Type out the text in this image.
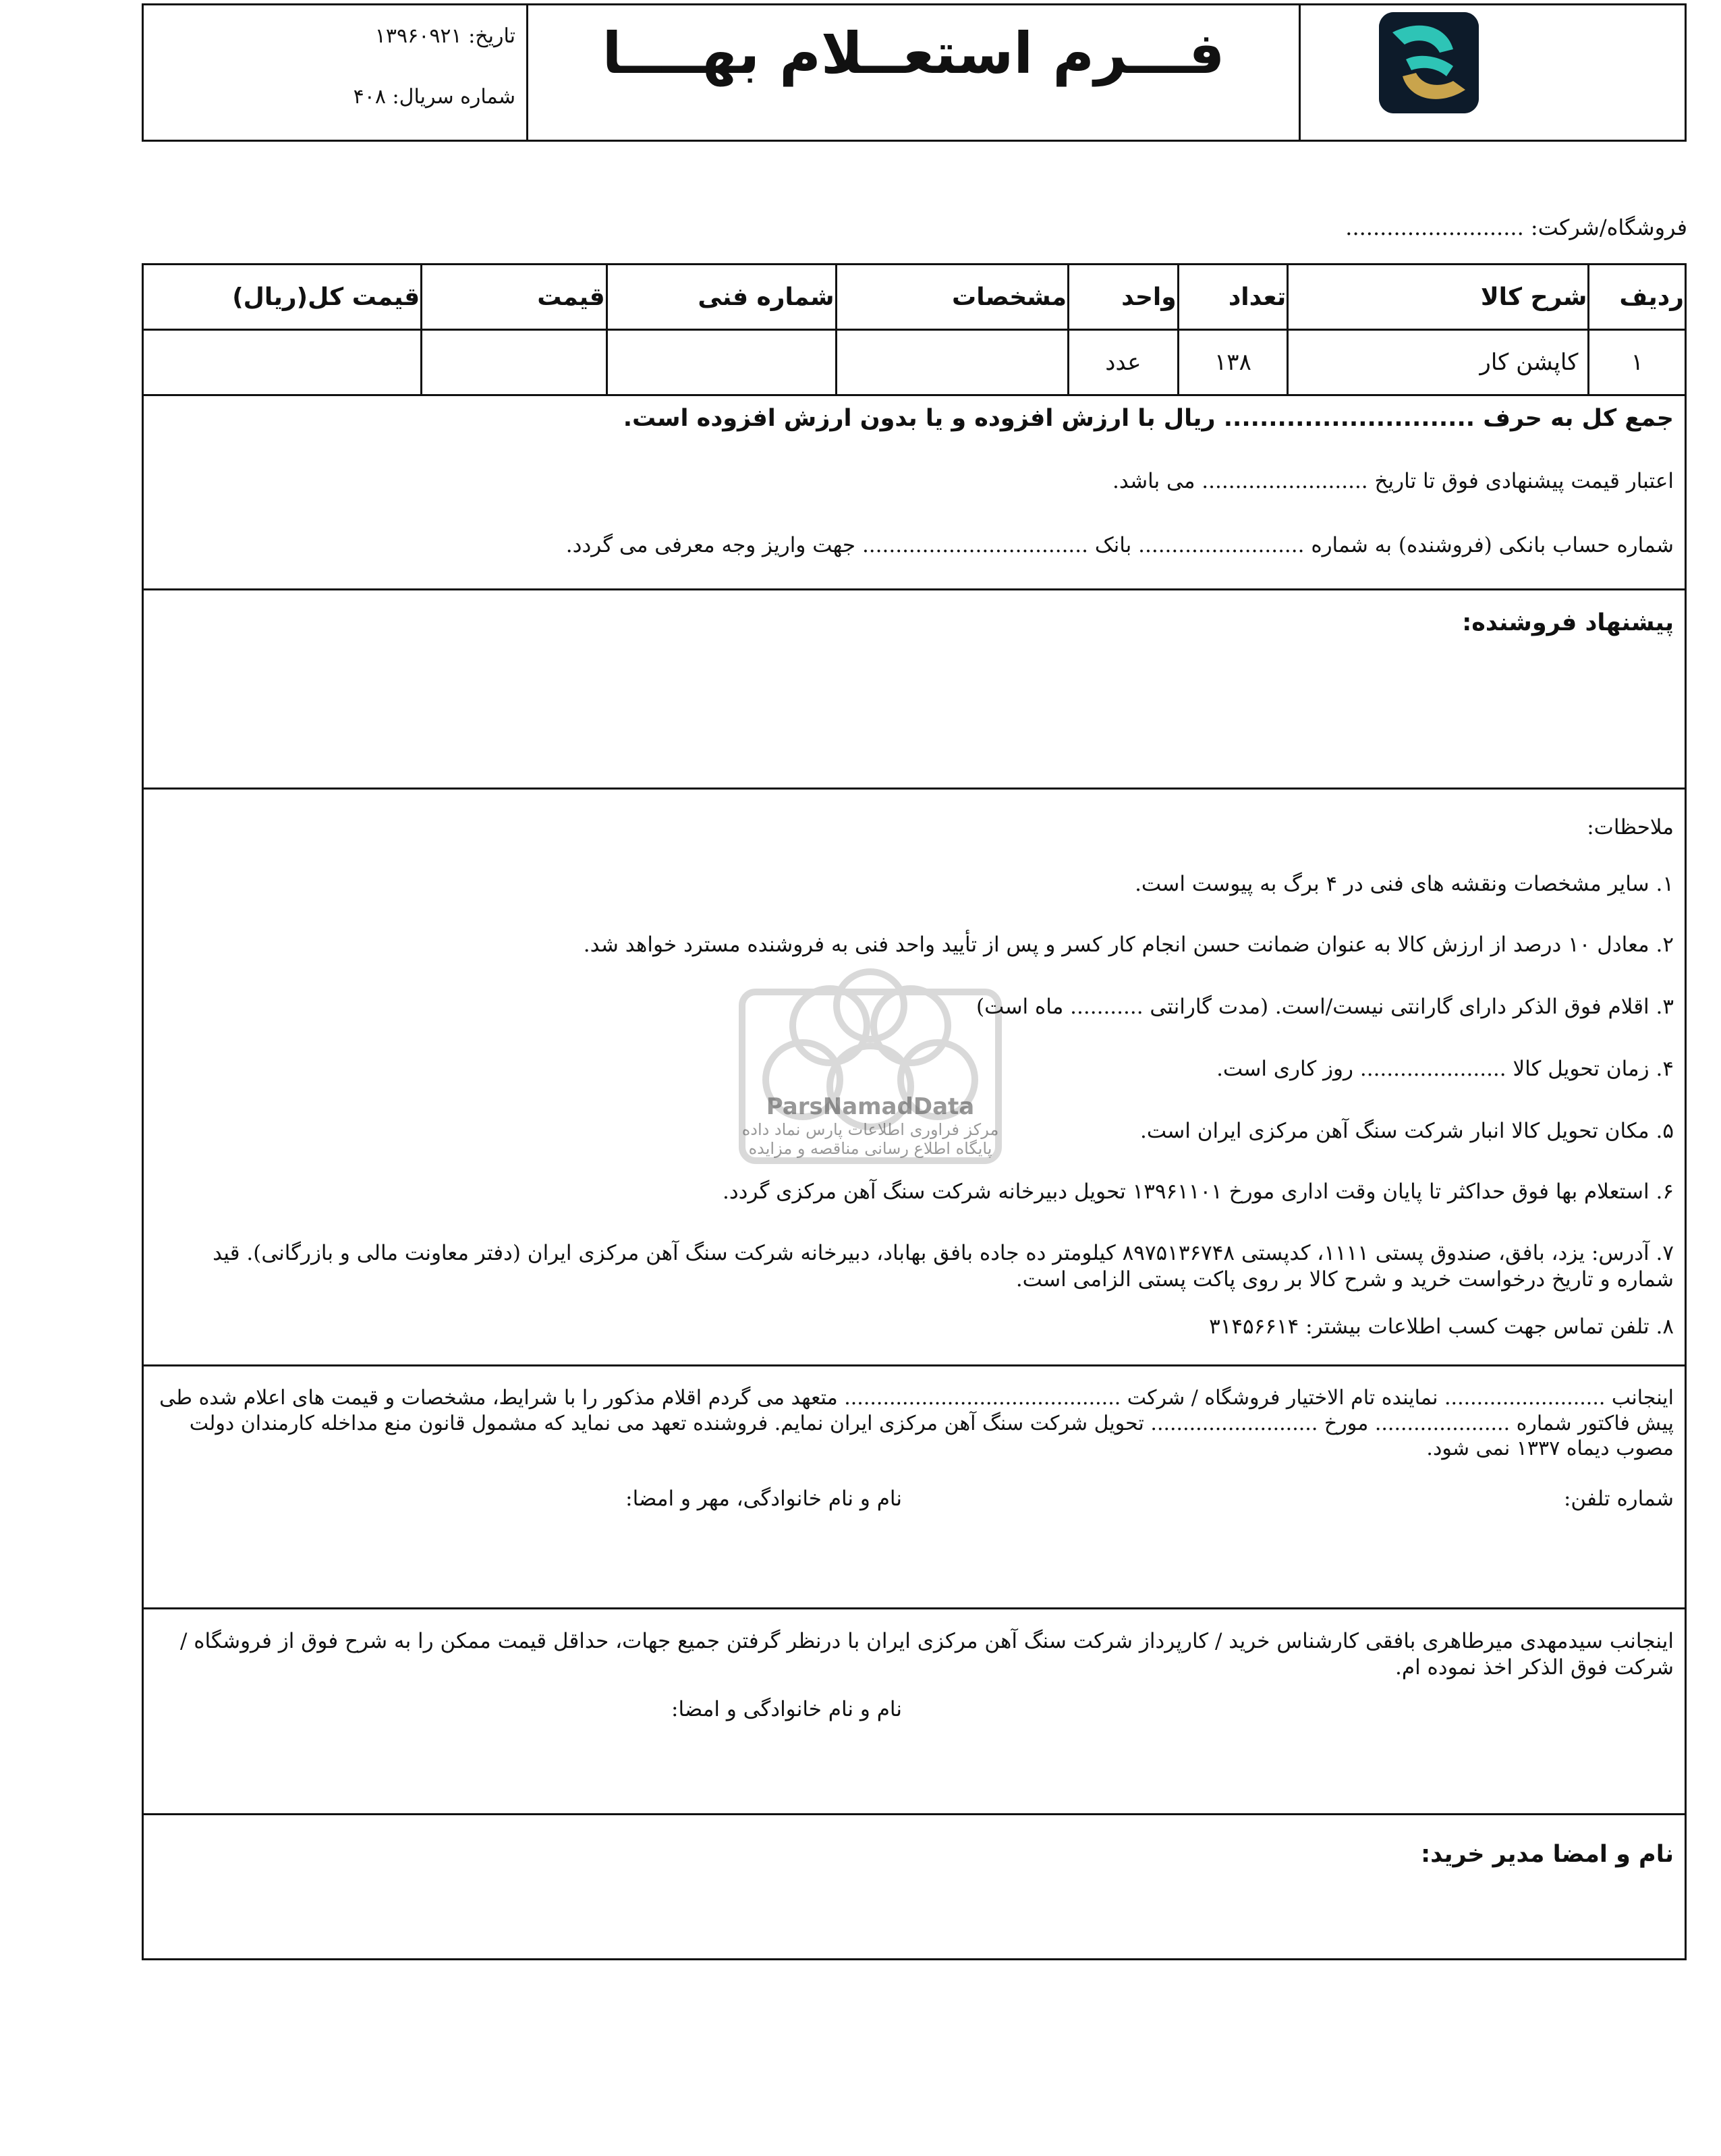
فـــرم استعــلام بهــــا
تاریخ: ۱۳۹۶۰۹۲۱
شماره سریال: ۴۰۸
فروشگاه/شرکت: ..........................
ردیف	شرح کالا	تعداد	واحد	مشخصات	شماره فنی	قیمت	قیمت کل(ریال)
۱	کاپشن کار	۱۳۸	عدد				
جمع کل به حرف ............................ ریال با ارزش افزوده و یا بدون ارزش افزوده است.
اعتبار قیمت پیشنهادی فوق تا تاریخ ......................... می باشد.
شماره حساب بانکی (فروشنده) به شماره ......................... بانک .................................. جهت واریز وجه معرفی می گردد.
پیشنهاد فروشنده:
ملاحظات:
۱. سایر مشخصات ونقشه های فنی در ۴ برگ به پیوست است.
۲. معادل ۱۰ درصد از ارزش کالا به عنوان ضمانت حسن انجام کار کسر و پس از تأیید واحد فنی به فروشنده مسترد خواهد شد.
۳. اقلام فوق الذکر دارای گارانتی نیست/است. (مدت گارانتی ........... ماه است)
۴. زمان تحویل کالا ...................... روز کاری است.
۵. مکان تحویل کالا انبار شرکت سنگ آهن مرکزی ایران است.
۶. استعلام بها فوق حداکثر تا پایان وقت اداری مورخ ۱۳۹۶۱۱۰۱ تحویل دبیرخانه شرکت سنگ آهن مرکزی گردد.
۷. آدرس: یزد، بافق، صندوق پستی ۱۱۱۱، کدپستی ۸۹۷۵۱۳۶۷۴۸ کیلومتر ده جاده بافق بهاباد، دبیرخانه شرکت سنگ آهن مرکزی ایران (دفتر معاونت مالی و بازرگانی). قید شماره و تاریخ درخواست خرید و شرح کالا بر روی پاکت پستی الزامی است.
۸. تلفن تماس جهت کسب اطلاعات بیشتر: ۳۱۴۵۶۶۱۴
ParsNamadData
مرکز فراوری اطلاعات پارس نماد داده
پایگاه اطلاع رسانی مناقصه و مزایده
اینجانب ......................... نماینده تام الاختیار فروشگاه / شرکت ........................................... متعهد می گردم اقلام مذکور را با شرایط، مشخصات و قیمت های اعلام شده طی پیش فاکتور شماره ..................... مورخ .......................... تحویل شرکت سنگ آهن مرکزی ایران نمایم. فروشنده تعهد می نماید که مشمول قانون منع مداخله کارمندان دولت مصوب دیماه ۱۳۳۷ نمی شود.
شماره تلفن:
نام و نام خانوادگی، مهر و امضا:
اینجانب سیدمهدی میرطاهری بافقی کارشناس خرید / کارپرداز شرکت سنگ آهن مرکزی ایران با درنظر گرفتن جمیع جهات، حداقل قیمت ممکن را به شرح فوق از فروشگاه / شرکت فوق الذکر اخذ نموده ام.
نام و نام خانوادگی و امضا:
نام و امضا مدیر خرید:
